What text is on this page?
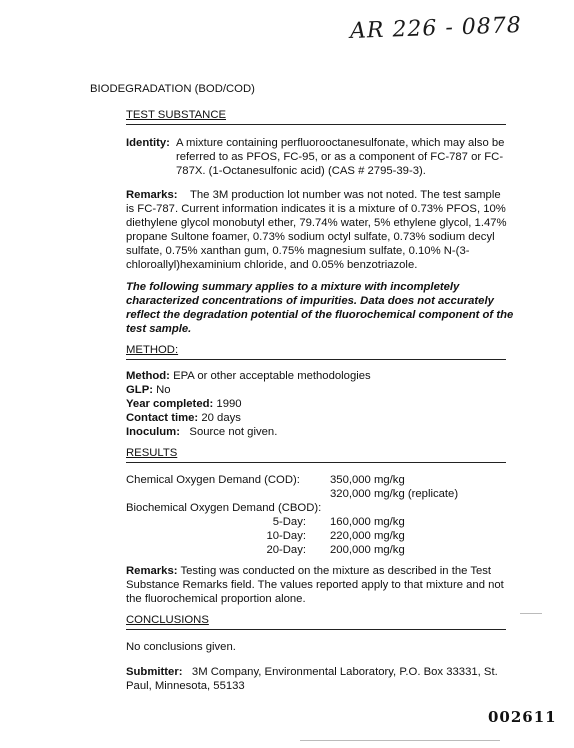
AR 226 - 0878
BIODEGRADATION (BOD/COD)
TEST SUBSTANCE
Identity: A mixture containing perfluorooctanesulfonate, which may also be
referred to as PFOS, FC-95, or as a component of FC-787 or FC-
787X. (1-Octanesulfonic acid) (CAS # 2795-39-3).
Remarks: The 3M production lot number was not noted. The test sample
is FC-787. Current information indicates it is a mixture of 0.73% PFOS, 10%
diethylene glycol monobutyl ether, 79.74% water, 5% ethylene glycol, 1.47%
propane Sultone foamer, 0.73% sodium octyl sulfate, 0.73% sodium decyl
sulfate, 0.75% xanthan gum, 0.75% magnesium sulfate, 0.10% N-(3-
chloroallyl)hexaminium chloride, and 0.05% benzotriazole.
The following summary applies to a mixture with incompletely
characterized concentrations of impurities. Data does not accurately
reflect the degradation potential of the fluorochemical component of the
test sample.
METHOD:
Method: EPA or other acceptable methodologies
GLP: No
Year completed: 1990
Contact time: 20 days
Inoculum: Source not given.
RESULTS
Chemical Oxygen Demand (COD):	350,000 mg/kg
320,000 mg/kg (replicate)
Biochemical Oxygen Demand (CBOD):
5-Day: 160,000 mg/kg
10-Day: 220,000 mg/kg
20-Day: 200,000 mg/kg
Remarks: Testing was conducted on the mixture as described in the Test
Substance Remarks field. The values reported apply to that mixture and not
the fluorochemical proportion alone.
CONCLUSIONS
No conclusions given.
Submitter: 3M Company, Environmental Laboratory, P.O. Box 33331, St.
Paul, Minnesota, 55133
002611
